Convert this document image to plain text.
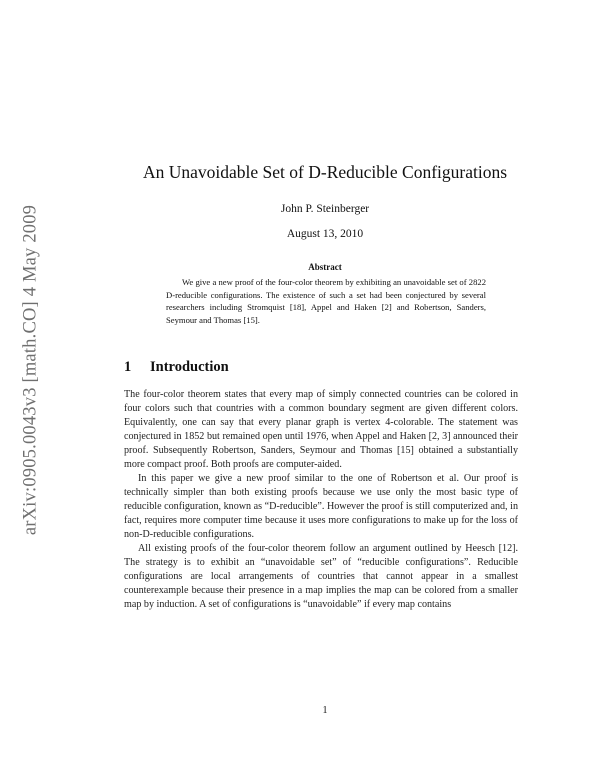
arXiv:0905.0043v3 [math.CO] 4 May 2009
An Unavoidable Set of D-Reducible Configurations
John P. Steinberger
August 13, 2010
Abstract
We give a new proof of the four-color theorem by exhibiting an unavoidable set of 2822 D-reducible configurations. The existence of such a set had been conjectured by several researchers including Stromquist [18], Appel and Haken [2] and Robertson, Sanders, Seymour and Thomas [15].
1 Introduction

The four-color theorem states that every map of simply connected countries can be colored in four colors such that countries with a common boundary segment are given different colors. Equivalently, one can say that every planar graph is vertex 4-colorable. The statement was conjectured in 1852 but remained open until 1976, when Appel and Haken [2, 3] announced their proof. Subsequently Robertson, Sanders, Seymour and Thomas [15] obtained a substantially more compact proof. Both proofs are computer-aided.

In this paper we give a new proof similar to the one of Robertson et al. Our proof is technically simpler than both existing proofs because we use only the most basic type of reducible configuration, known as “D-reducible”. However the proof is still computerized and, in fact, requires more computer time because it uses more configurations to make up for the loss of non-D-reducible configurations.

All existing proofs of the four-color theorem follow an argument outlined by Heesch [12]. The strategy is to exhibit an “unavoidable set” of “reducible configurations”. Reducible configurations are local arrangements of countries that cannot appear in a smallest counterexample because their presence in a map implies the map can be colored from a smaller map by induction. A set of configurations is “unavoidable” if every map contains

1
